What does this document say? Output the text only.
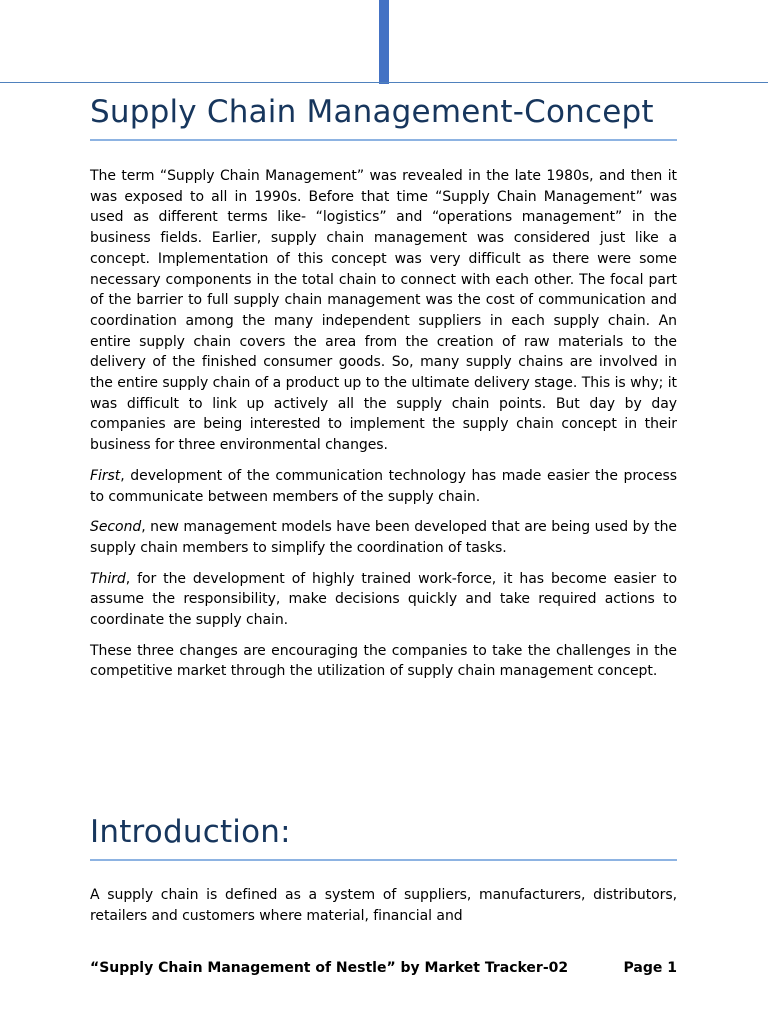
Supply Chain Management-Concept

The term “Supply Chain Management” was revealed in the late 1980s, and then it was exposed to all in 1990s. Before that time “Supply Chain Management” was used as different terms like- “logistics” and “operations management” in the business fields. Earlier, supply chain management was considered just like a concept. Implementation of this concept was very difficult as there were some necessary components in the total chain to connect with each other. The focal part of the barrier to full supply chain management was the cost of communication and coordination among the many independent suppliers in each supply chain. An entire supply chain covers the area from the creation of raw materials to the delivery of the finished consumer goods. So, many supply chains are involved in the entire supply chain of a product up to the ultimate delivery stage. This is why; it was difficult to link up actively all the supply chain points. But day by day companies are being interested to implement the supply chain concept in their business for three environmental changes.

First, development of the communication technology has made easier the process to communicate between members of the supply chain.

Second, new management models have been developed that are being used by the supply chain members to simplify the coordination of tasks.

Third, for the development of highly trained work-force, it has become easier to assume the responsibility, make decisions quickly and take required actions to coordinate the supply chain.

These three changes are encouraging the companies to take the challenges in the competitive market through the utilization of supply chain management concept.

Introduction:

A supply chain is defined as a system of suppliers, manufacturers, distributors, retailers and customers where material, financial and

“Supply Chain Management of Nestle” by Market Tracker-02	Page 1
